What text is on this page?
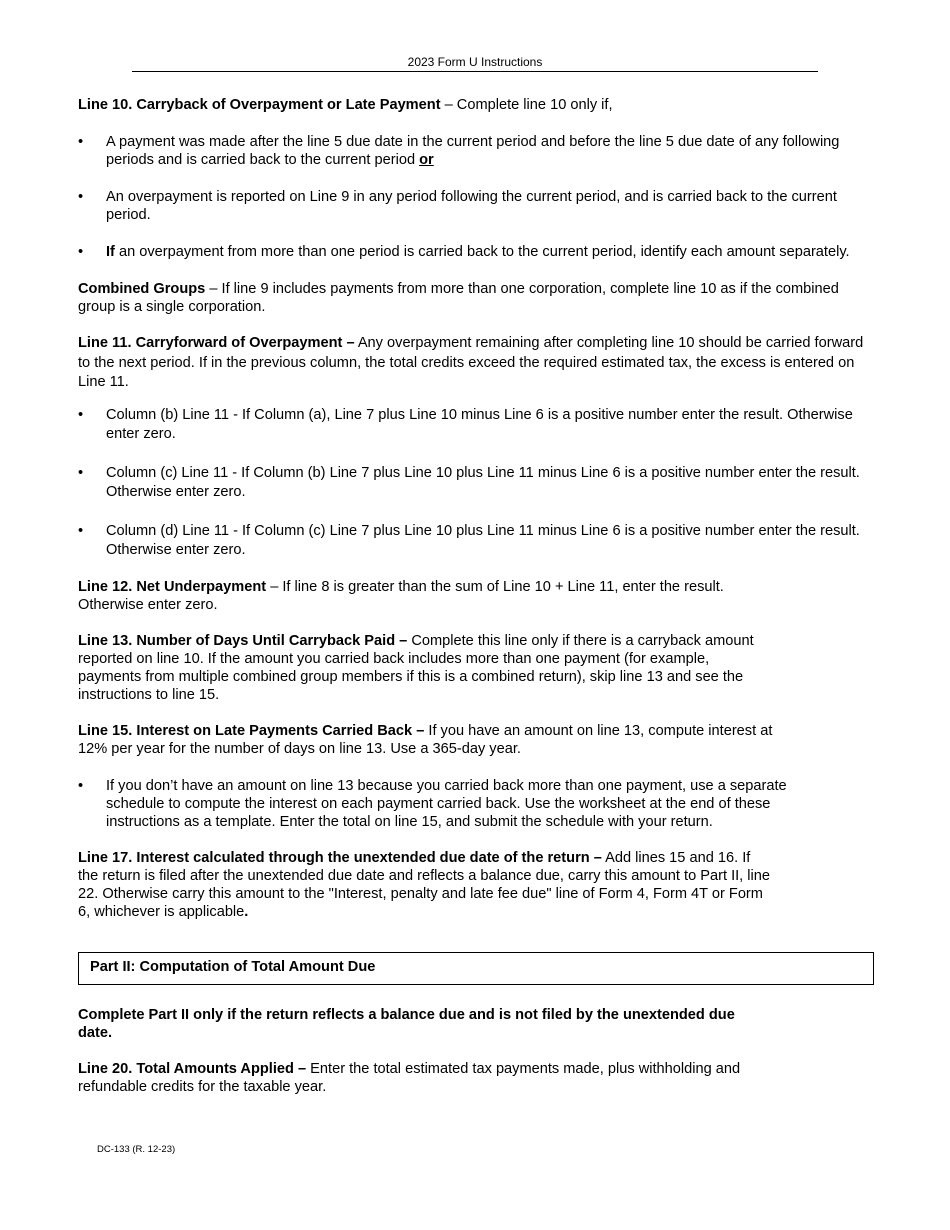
2023 Form U Instructions

Line 10. Carryback of Overpayment or Late Payment – Complete line 10 only if,

•	A payment was made after the line 5 due date in the current period and before the line 5 due date of any following periods and is carried back to the current period or
•	An overpayment is reported on Line 9 in any period following the current period, and is carried back to the current period.
•	If an overpayment from more than one period is carried back to the current period, identify each amount separately.

Combined Groups – If line 9 includes payments from more than one corporation, complete line 10 as if the combined group is a single corporation.

Line 11. Carryforward of Overpayment – Any overpayment remaining after completing line 10 should be carried forward to the next period. If in the previous column, the total credits exceed the required estimated tax, the excess is entered on Line 11.

•	Column (b) Line 11 - If Column (a), Line 7 plus Line 10 minus Line 6 is a positive number enter the result. Otherwise enter zero.
•	Column (c) Line 11 - If Column (b) Line 7 plus Line 10 plus Line 11 minus Line 6 is a positive number enter the result. Otherwise enter zero.
•	Column (d) Line 11 - If Column (c) Line 7 plus Line 10 plus Line 11 minus Line 6 is a positive number enter the result. Otherwise enter zero.

Line 12. Net Underpayment – If line 8 is greater than the sum of Line 10 + Line 11, enter the result.
Otherwise enter zero.

Line 13. Number of Days Until Carryback Paid – Complete this line only if there is a carryback amount
reported on line 10. If the amount you carried back includes more than one payment (for example,
payments from multiple combined group members if this is a combined return), skip line 13 and see the
instructions to line 15.

Line 15. Interest on Late Payments Carried Back – If you have an amount on line 13, compute interest at
12% per year for the number of days on line 13. Use a 365-day year.

•	If you don’t have an amount on line 13 because you carried back more than one payment, use a separate
schedule to compute the interest on each payment carried back. Use the worksheet at the end of these
instructions as a template. Enter the total on line 15, and submit the schedule with your return.

Line 17. Interest calculated through the unextended due date of the return – Add lines 15 and 16. If
the return is filed after the unextended due date and reflects a balance due, carry this amount to Part II, line
22. Otherwise carry this amount to the "Interest, penalty and late fee due" line of Form 4, Form 4T or Form
6, whichever is applicable.

Part II: Computation of Total Amount Due

Complete Part II only if the return reflects a balance due and is not filed by the unextended due
date.

Line 20. Total Amounts Applied – Enter the total estimated tax payments made, plus withholding and
refundable credits for the taxable year.

DC-133 (R. 12-23)
